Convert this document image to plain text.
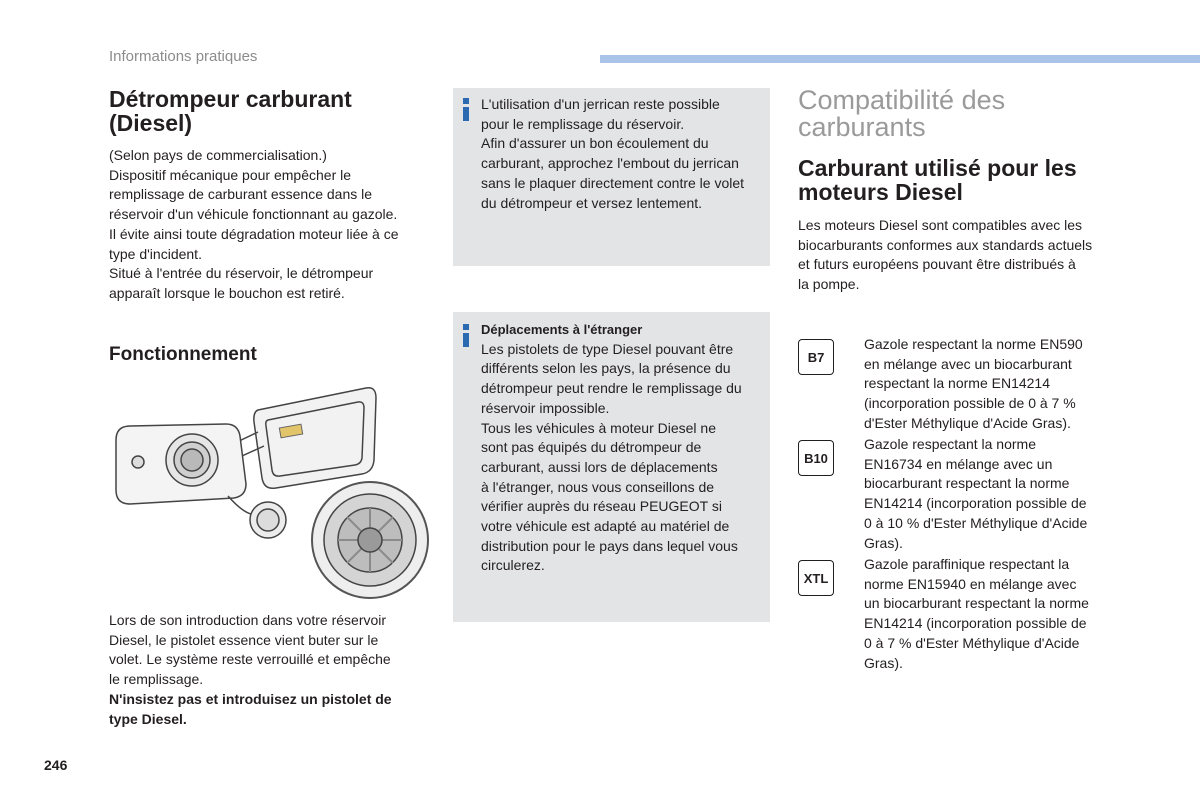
Informations pratiques
Détrompeur carburant
(Diesel)

(Selon pays de commercialisation.)

Dispositif mécanique pour empêcher le

remplissage de carburant essence dans le

réservoir d'un véhicule fonctionnant au gazole.

Il évite ainsi toute dégradation moteur liée à ce

type d'incident.

Situé à l'entrée du réservoir, le détrompeur

apparaît lorsque le bouchon est retiré.

Fonctionnement

Lors de son introduction dans votre réservoir

Diesel, le pistolet essence vient buter sur le

volet. Le système reste verrouillé et empêche

le remplissage.

N'insistez pas et introduisez un pistolet de

type Diesel.

L'utilisation d'un jerrican reste possible

pour le remplissage du réservoir.

Afin d'assurer un bon écoulement du

carburant, approchez l'embout du jerrican

sans le plaquer directement contre le volet

du détrompeur et versez lentement.

Déplacements à l'étranger

Les pistolets de type Diesel pouvant être

différents selon les pays, la présence du

détrompeur peut rendre le remplissage du

réservoir impossible.

Tous les véhicules à moteur Diesel ne

sont pas équipés du détrompeur de

carburant, aussi lors de déplacements

à l'étranger, nous vous conseillons de

vérifier auprès du réseau PEUGEOT si

votre véhicule est adapté au matériel de

distribution pour le pays dans lequel vous

circulerez.

Compatibilité des
carburants
Carburant utilisé pour les
moteurs Diesel

Les moteurs Diesel sont compatibles avec les

biocarburants conformes aux standards actuels

et futurs européens pouvant être distribués à

la pompe.

B7

Gazole respectant la norme EN590

en mélange avec un biocarburant

respectant la norme EN14214

(incorporation possible de 0 à 7 %

d'Ester Méthylique d'Acide Gras).

B10

Gazole respectant la norme

EN16734 en mélange avec un

biocarburant respectant la norme

EN14214 (incorporation possible de

0 à 10 % d'Ester Méthylique d'Acide

Gras).

XTL

Gazole paraffinique respectant la

norme EN15940 en mélange avec

un biocarburant respectant la norme

EN14214 (incorporation possible de

0 à 7 % d'Ester Méthylique d'Acide

Gras).

246
